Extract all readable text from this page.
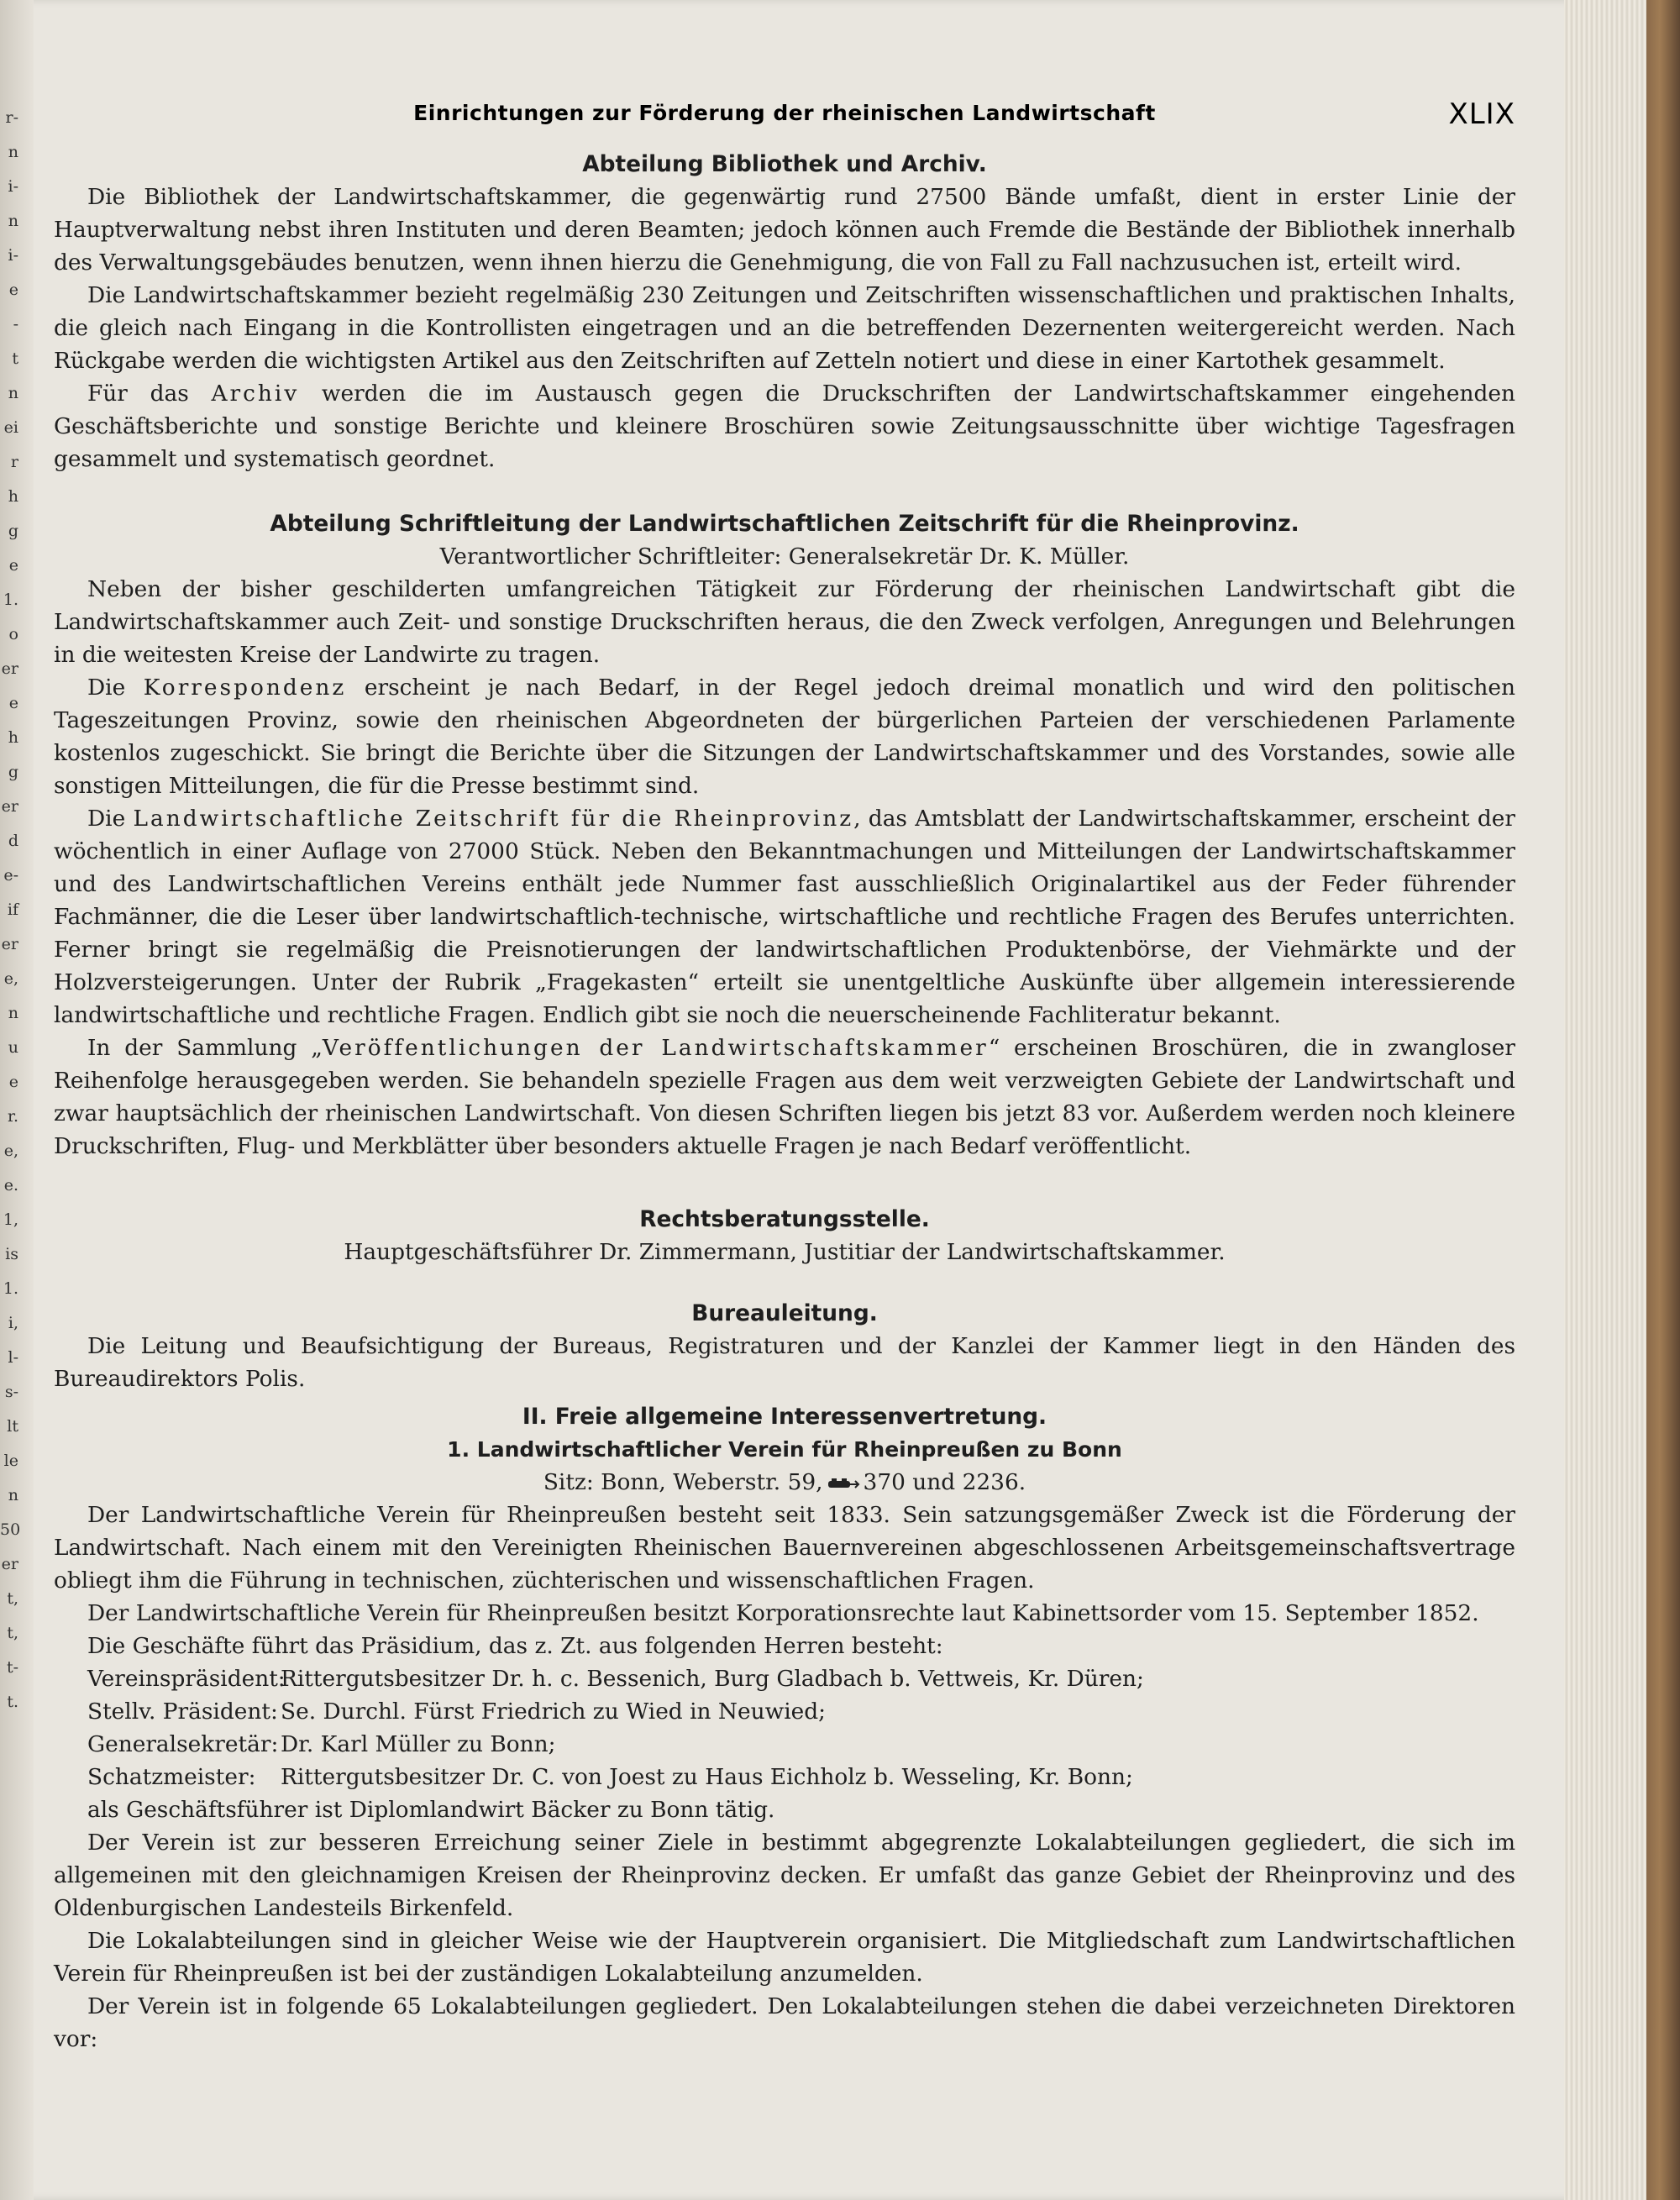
r-
n
i-
n
i-
e
-
t
n
ei
r
h
g
e
1.
o
er
e
h
g
er
d
e-
if
er
e,
n
u
e
r.
e,
e.
1,
is
1.
i,
l-
s-
lt
le
n
50
er
t,
t,
t-
t.
Einrichtungen zur Förderung der rheinischen Landwirtschaft	XLIX
Abteilung Bibliothek und Archiv.

Die Bibliothek der Landwirtschaftskammer, die gegenwärtig rund 27500 Bände umfaßt, dient in erster Linie der Hauptverwaltung nebst ihren Instituten und deren Beamten; jedoch können auch Fremde die Bestände der Bibliothek innerhalb des Verwaltungsgebäudes benutzen, wenn ihnen hierzu die Genehmigung, die von Fall zu Fall nachzusuchen ist, erteilt wird.

Die Landwirtschaftskammer bezieht regelmäßig 230 Zeitungen und Zeitschriften wissenschaftlichen und praktischen Inhalts, die gleich nach Eingang in die Kontrollisten eingetragen und an die betreffenden Dezernenten weitergereicht werden. Nach Rückgabe werden die wichtigsten Artikel aus den Zeitschriften auf Zetteln notiert und diese in einer Kartothek gesammelt.

Für das Archiv werden die im Austausch gegen die Druckschriften der Landwirtschaftskammer eingehenden Geschäftsberichte und sonstige Berichte und kleinere Broschüren sowie Zeitungsausschnitte über wichtige Tagesfragen gesammelt und systematisch geordnet.

Abteilung Schriftleitung der Landwirtschaftlichen Zeitschrift für die Rheinprovinz.
Verantwortlicher Schriftleiter: Generalsekretär Dr. K. Müller.

Neben der bisher geschilderten umfangreichen Tätigkeit zur Förderung der rheinischen Landwirtschaft gibt die Landwirtschaftskammer auch Zeit- und sonstige Druckschriften heraus, die den Zweck verfolgen, Anregungen und Belehrungen in die weitesten Kreise der Landwirte zu tragen.

Die Korrespondenz erscheint je nach Bedarf, in der Regel jedoch dreimal monatlich und wird den politischen Tageszeitungen Provinz, sowie den rheinischen Abgeordneten der bürgerlichen Parteien der verschiedenen Parlamente kostenlos zugeschickt. Sie bringt die Berichte über die Sitzungen der Landwirtschaftskammer und des Vorstandes, sowie alle sonstigen Mitteilungen, die für die Presse bestimmt sind.

Die Landwirtschaftliche Zeitschrift für die Rheinprovinz, das Amtsblatt der Landwirtschaftskammer, erscheint der wöchentlich in einer Auflage von 27000 Stück. Neben den Bekanntmachungen und Mitteilungen der Landwirtschaftskammer und des Landwirtschaftlichen Vereins enthält jede Nummer fast ausschließlich Originalartikel aus der Feder führender Fachmänner, die die Leser über landwirtschaftlich-technische, wirtschaftliche und rechtliche Fragen des Berufes unterrichten. Ferner bringt sie regelmäßig die Preisnotierungen der landwirtschaftlichen Produktenbörse, der Viehmärkte und der Holzversteigerungen. Unter der Rubrik „Fragekasten“ erteilt sie unentgeltliche Auskünfte über allgemein interessierende landwirtschaftliche und rechtliche Fragen. Endlich gibt sie noch die neuerscheinende Fachliteratur bekannt.

In der Sammlung „Veröffentlichungen der Landwirtschaftskammer“ erscheinen Broschüren, die in zwangloser Reihenfolge herausgegeben werden. Sie behandeln spezielle Fragen aus dem weit verzweigten Gebiete der Landwirtschaft und zwar hauptsächlich der rheinischen Landwirtschaft. Von diesen Schriften liegen bis jetzt 83 vor. Außerdem werden noch kleinere Druckschriften, Flug- und Merkblätter über besonders aktuelle Fragen je nach Bedarf veröffentlicht.

Rechtsberatungsstelle.
Hauptgeschäftsführer Dr. Zimmermann, Justitiar der Landwirtschaftskammer.
Bureauleitung.

Die Leitung und Beaufsichtigung der Bureaus, Registraturen und der Kanzlei der Kammer liegt in den Händen des Bureaudirektors Polis.

II. Freie allgemeine Interessenvertretung.
1. Landwirtschaftlicher Verein für Rheinpreußen zu Bonn
Sitz: Bonn, Weberstr. 59, 370 und 2236.

Der Landwirtschaftliche Verein für Rheinpreußen besteht seit 1833. Sein satzungsgemäßer Zweck ist die Förderung der Landwirtschaft. Nach einem mit den Vereinigten Rheinischen Bauernvereinen abgeschlossenen Arbeitsgemeinschaftsvertrage obliegt ihm die Führung in technischen, züchterischen und wissenschaftlichen Fragen.

Der Landwirtschaftliche Verein für Rheinpreußen besitzt Korporationsrechte laut Kabinettsorder vom 15. September 1852.

Die Geschäfte führt das Präsidium, das z. Zt. aus folgenden Herren besteht:

Vereinspräsident:
Rittergutsbesitzer Dr. h. c. Bessenich, Burg Gladbach b. Vettweis, Kr. Düren;
Stellv. Präsident: Se. Durchl. Fürst Friedrich zu Wied in Neuwied;
Generalsekretär: Dr. Karl Müller zu Bonn;
Schatzmeister:	Rittergutsbesitzer Dr. C. von Joest zu Haus Eichholz b. Wesseling, Kr. Bonn;

als Geschäftsführer ist Diplomlandwirt Bäcker zu Bonn tätig.

Der Verein ist zur besseren Erreichung seiner Ziele in bestimmt abgegrenzte Lokalabteilungen gegliedert, die sich im allgemeinen mit den gleichnamigen Kreisen der Rheinprovinz decken. Er umfaßt das ganze Gebiet der Rheinprovinz und des Oldenburgischen Landesteils Birkenfeld.

Die Lokalabteilungen sind in gleicher Weise wie der Hauptverein organisiert. Die Mitgliedschaft zum Landwirtschaftlichen Verein für Rheinpreußen ist bei der zuständigen Lokalabteilung anzumelden.

Der Verein ist in folgende 65 Lokalabteilungen gegliedert. Den Lokalabteilungen stehen die dabei verzeichneten Direktoren vor:
